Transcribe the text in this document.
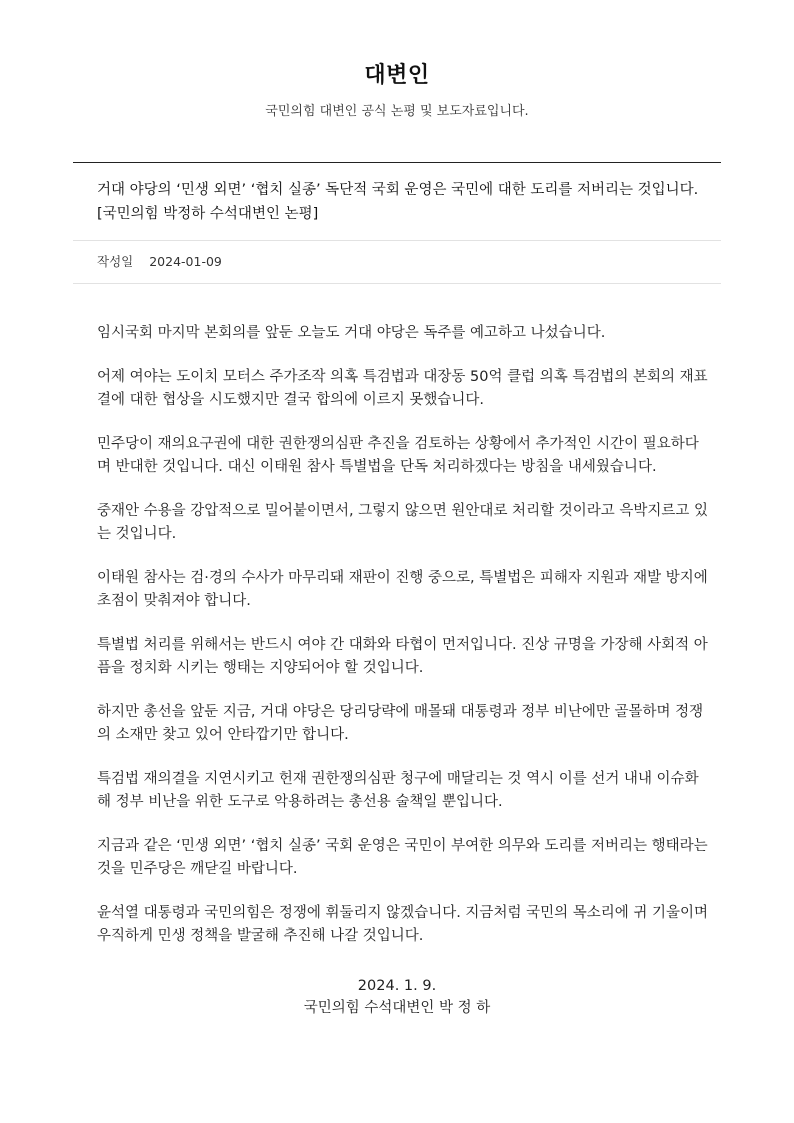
대변인
국민의힘 대변인 공식 논평 및 보도자료입니다.
거대 야당의 ‘민생 외면’ ‘협치 실종’ 독단적 국회 운영은 국민에 대한 도리를 저버리는 것입니다.
[국민의힘 박정하 수석대변인 논평]
작성일 2024-01-09

임시국회 마지막 본회의를 앞둔 오늘도 거대 야당은 독주를 예고하고 나섰습니다.

어제 여야는 도이치 모터스 주가조작 의혹 특검법과 대장동 50억 클럽 의혹 특검법의 본회의 재표
결에 대한 협상을 시도했지만 결국 합의에 이르지 못했습니다.

민주당이 재의요구권에 대한 권한쟁의심판 추진을 검토하는 상황에서 추가적인 시간이 필요하다
며 반대한 것입니다. 대신 이태원 참사 특별법을 단독 처리하겠다는 방침을 내세웠습니다.

중재안 수용을 강압적으로 밀어붙이면서, 그렇지 않으면 원안대로 처리할 것이라고 윽박지르고 있
는 것입니다.

이태원 참사는 검·경의 수사가 마무리돼 재판이 진행 중으로, 특별법은 피해자 지원과 재발 방지에
초점이 맞춰져야 합니다.

특별법 처리를 위해서는 반드시 여야 간 대화와 타협이 먼저입니다. 진상 규명을 가장해 사회적 아
픔을 정치화 시키는 행태는 지양되어야 할 것입니다.

하지만 총선을 앞둔 지금, 거대 야당은 당리당략에 매몰돼 대통령과 정부 비난에만 골몰하며 정쟁
의 소재만 찾고 있어 안타깝기만 합니다.

특검법 재의결을 지연시키고 헌재 권한쟁의심판 청구에 매달리는 것 역시 이를 선거 내내 이슈화
해 정부 비난을 위한 도구로 악용하려는 총선용 술책일 뿐입니다.

지금과 같은 ‘민생 외면’ ‘협치 실종’ 국회 운영은 국민이 부여한 의무와 도리를 저버리는 행태라는
것을 민주당은 깨닫길 바랍니다.

윤석열 대통령과 국민의힘은 정쟁에 휘둘리지 않겠습니다. 지금처럼 국민의 목소리에 귀 기울이며
우직하게 민생 정책을 발굴해 추진해 나갈 것입니다.

2024. 1. 9.
국민의힘 수석대변인 박 정 하
